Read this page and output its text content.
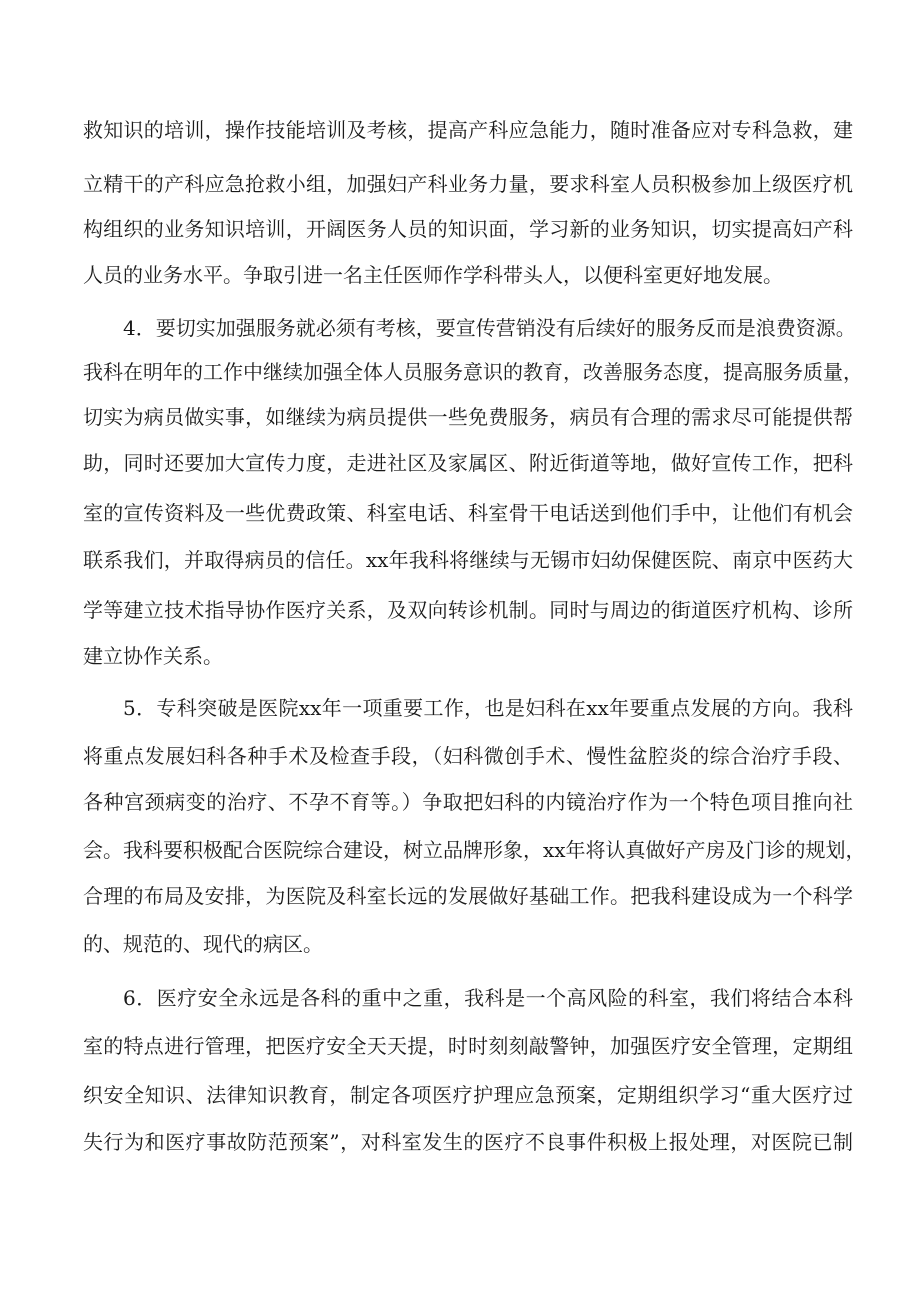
救知识的培训，操作技能培训及考核，提高产科应急能力，随时准备应对专科急救，建
立精干的产科应急抢救小组，加强妇产科业务力量，要求科室人员积极参加上级医疗机
构组织的业务知识培训，开阔医务人员的知识面，学习新的业务知识，切实提高妇产科
人员的业务水平。争取引进一名主任医师作学科带头人，以便科室更好地发展。
4．要切实加强服务就必须有考核，要宣传营销没有后续好的服务反而是浪费资源。
我科在明年的工作中继续加强全体人员服务意识的教育，改善服务态度，提高服务质量，
切实为病员做实事，如继续为病员提供一些免费服务，病员有合理的需求尽可能提供帮
助，同时还要加大宣传力度，走进社区及家属区、附近街道等地，做好宣传工作，把科
室的宣传资料及一些优费政策、科室电话、科室骨干电话送到他们手中，让他们有机会
联系我们，并取得病员的信任。xx年我科将继续与无锡市妇幼保健医院、南京中医药大
学等建立技术指导协作医疗关系，及双向转诊机制。同时与周边的街道医疗机构、诊所
建立协作关系。
5．专科突破是医院xx年一项重要工作，也是妇科在xx年要重点发展的方向。我科
将重点发展妇科各种手术及检查手段，（妇科微创手术、慢性盆腔炎的综合治疗手段、
各种宫颈病变的治疗、不孕不育等。）争取把妇科的内镜治疗作为一个特色项目推向社
会。我科要积极配合医院综合建设，树立品牌形象，xx年将认真做好产房及门诊的规划，
合理的布局及安排，为医院及科室长远的发展做好基础工作。把我科建设成为一个科学
的、规范的、现代的病区。
6．医疗安全永远是各科的重中之重，我科是一个高风险的科室，我们将结合本科
室的特点进行管理，把医疗安全天天提，时时刻刻敲警钟，加强医疗安全管理，定期组
织安全知识、法律知识教育，制定各项医疗护理应急预案，定期组织学习“重大医疗过
失行为和医疗事故防范预案”，对科室发生的医疗不良事件积极上报处理，对医院已制
